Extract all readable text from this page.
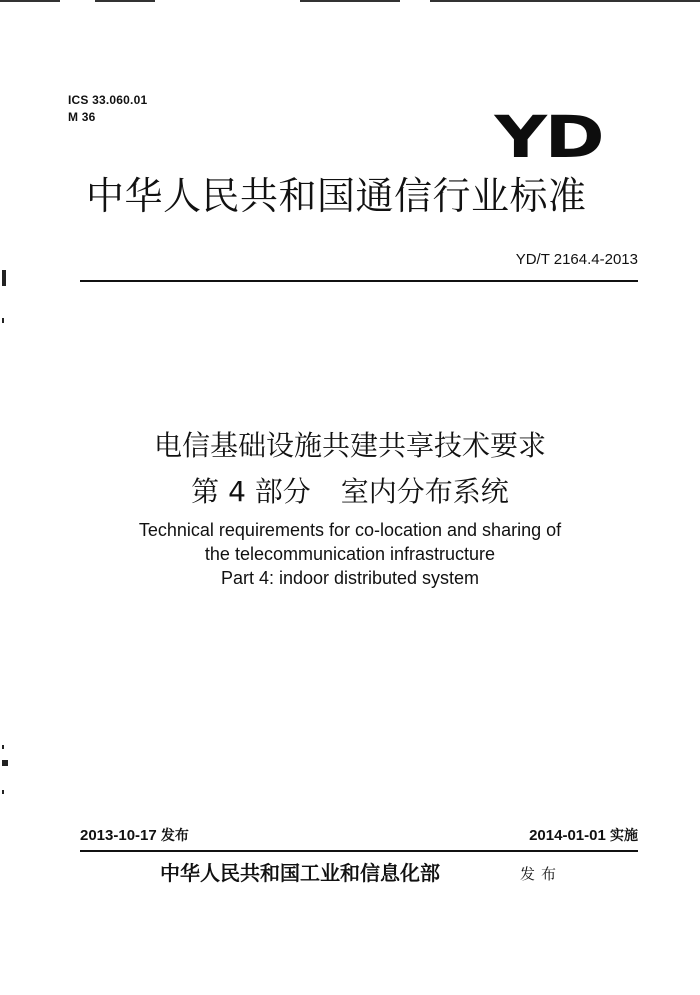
ICS 33.060.01
M 36	YD
中华人民共和国通信行业标准
YD/T 2164.4-2013
电信基础设施共建共享技术要求
第 4 部分 室内分布系统
Technical requirements for co-location and sharing of
the telecommunication infrastructure
Part 4: indoor distributed system
2013-10-17 发布	2014-01-01 实施
中华人民共和国工业和信息化部	发布
